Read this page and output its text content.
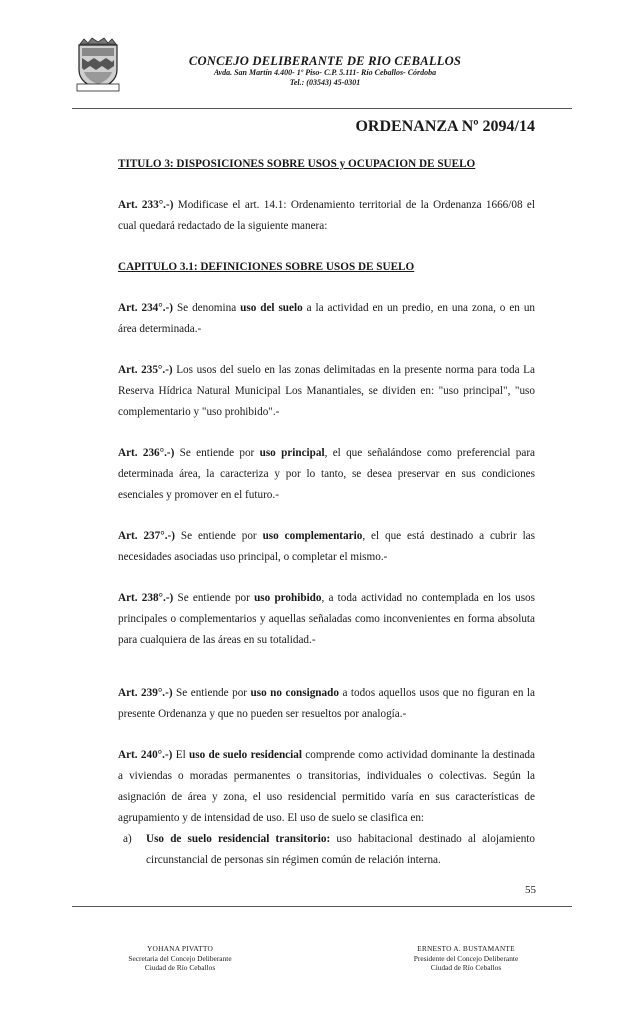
CONCEJO DELIBERANTE DE RIO CEBALLOS
Avda. San Martín 4.400- 1º Piso- C.P. 5.111- Río Ceballos- Córdoba
Tel.: (03543) 45-0301
ORDENANZA Nº 2094/14

TITULO 3: DISPOSICIONES SOBRE USOS y OCUPACION DE SUELO

Art. 233°.-) Modificase el art. 14.1: Ordenamiento territorial de la Ordenanza 1666/08 el cual quedará redactado de la siguiente manera:

CAPITULO 3.1: DEFINICIONES SOBRE USOS DE SUELO

Art. 234°.-) Se denomina uso del suelo a la actividad en un predio, en una zona, o en un área determinada.-

Art. 235°.-) Los usos del suelo en las zonas delimitadas en la presente norma para toda La Reserva Hídrica Natural Municipal Los Manantiales, se dividen en: "uso principal", "uso complementario y "uso prohibido".-

Art. 236°.-) Se entiende por uso principal, el que señalándose como preferencial para determinada área, la caracteriza y por lo tanto, se desea preservar en sus condiciones esenciales y promover en el futuro.-

Art. 237°.-) Se entiende por uso complementario, el que está destinado a cubrir las necesidades asociadas uso principal, o completar el mismo.-

Art. 238°.-) Se entiende por uso prohibido, a toda actividad no contemplada en los usos principales o complementarios y aquellas señaladas como inconvenientes en forma absoluta para cualquiera de las áreas en su totalidad.-

Art. 239°.-) Se entiende por uso no consignado a todos aquellos usos que no figuran en la presente Ordenanza y que no pueden ser resueltos por analogía.-

Art. 240°.-) El uso de suelo residencial comprende como actividad dominante la destinada a viviendas o moradas permanentes o transitorias, individuales o colectivas. Según la asignación de área y zona, el uso residencial permitido varía en sus características de agrupamiento y de intensidad de uso. El uso de suelo se clasifica en:

a) Uso de suelo residencial transitorio: uso habitacional destinado al alojamiento circunstancial de personas sin régimen común de relación interna.
55
YOHANA PIVATTO
Secretaria del Concejo Deliberante
Ciudad de Río Ceballos
ERNESTO A. BUSTAMANTE
Presidente del Concejo Deliberante
Ciudad de Río Ceballos
